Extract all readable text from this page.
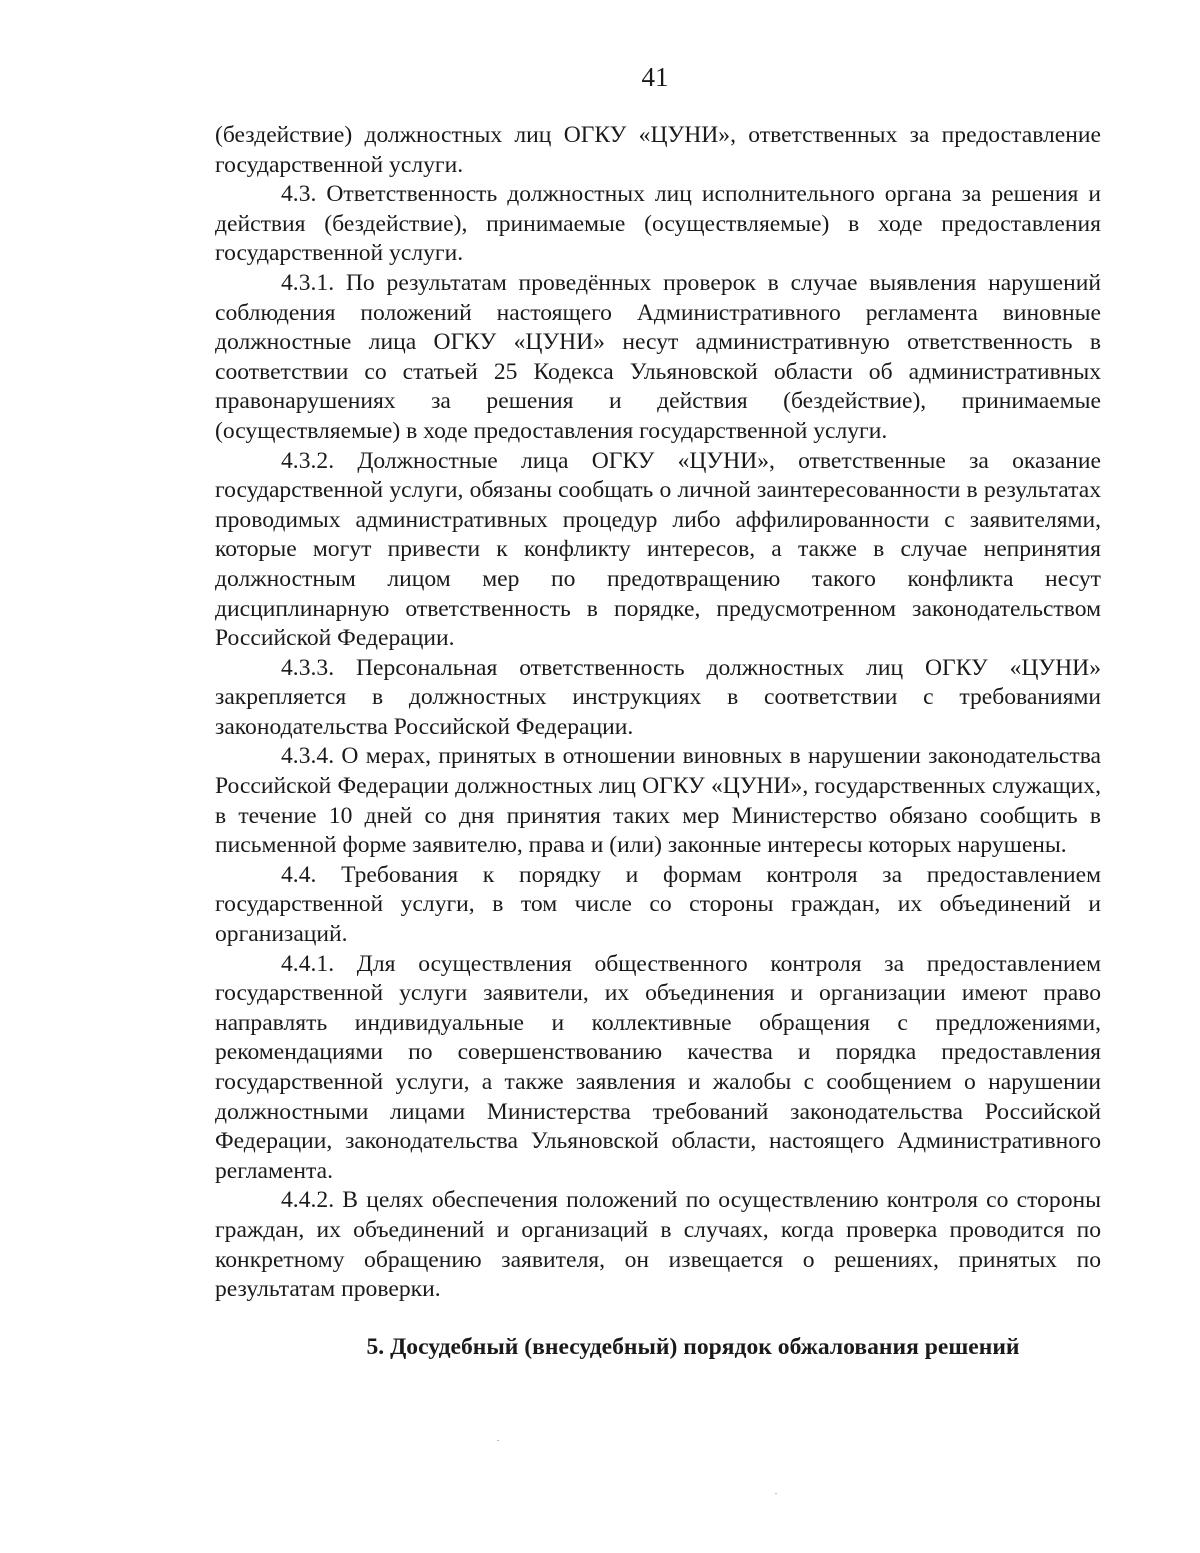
41

(бездействие) должностных лиц ОГКУ «ЦУНИ», ответственных за предоставление государственной услуги.

4.3. Ответственность должностных лиц исполнительного органа за решения и действия (бездействие), принимаемые (осуществляемые) в ходе предоставления государственной услуги.

4.3.1. По результатам проведённых проверок в случае выявления нарушений соблюдения положений настоящего Административного регламента виновные должностные лица ОГКУ «ЦУНИ» несут административную ответственность в соответствии со статьей 25 Кодекса Ульяновской области об административных правонарушениях за решения и действия (бездействие), принимаемые (осуществляемые) в ходе предоставления государственной услуги.

4.3.2. Должностные лица ОГКУ «ЦУНИ», ответственные за оказание государственной услуги, обязаны сообщать о личной заинтересованности в результатах проводимых административных процедур либо аффилированности с заявителями, которые могут привести к конфликту интересов, а также в случае непринятия должностным лицом мер по предотвращению такого конфликта несут дисциплинарную ответственность в порядке, предусмотренном законодательством Российской Федерации.

4.3.3. Персональная ответственность должностных лиц ОГКУ «ЦУНИ» закрепляется в должностных инструкциях в соответствии с требованиями законодательства Российской Федерации.

4.3.4. О мерах, принятых в отношении виновных в нарушении законодательства Российской Федерации должностных лиц ОГКУ «ЦУНИ», государственных служащих, в течение 10 дней со дня принятия таких мер Министерство обязано сообщить в письменной форме заявителю, права и (или) законные интересы которых нарушены.

4.4. Требования к порядку и формам контроля за предоставлением государственной услуги, в том числе со стороны граждан, их объединений и организаций.

4.4.1. Для осуществления общественного контроля за предоставлением государственной услуги заявители, их объединения и организации имеют право направлять индивидуальные и коллективные обращения с предложениями, рекомендациями по совершенствованию качества и порядка предоставления государственной услуги, а также заявления и жалобы с сообщением о нарушении должностными лицами Министерства требований законодательства Российской Федерации, законодательства Ульяновской области, настоящего Административного регламента.

4.4.2. В целях обеспечения положений по осуществлению контроля со стороны граждан, их объединений и организаций в случаях, когда проверка проводится по конкретному обращению заявителя, он извещается о решениях, принятых по результатам проверки.

5. Досудебный (внесудебный) порядок обжалования решений
